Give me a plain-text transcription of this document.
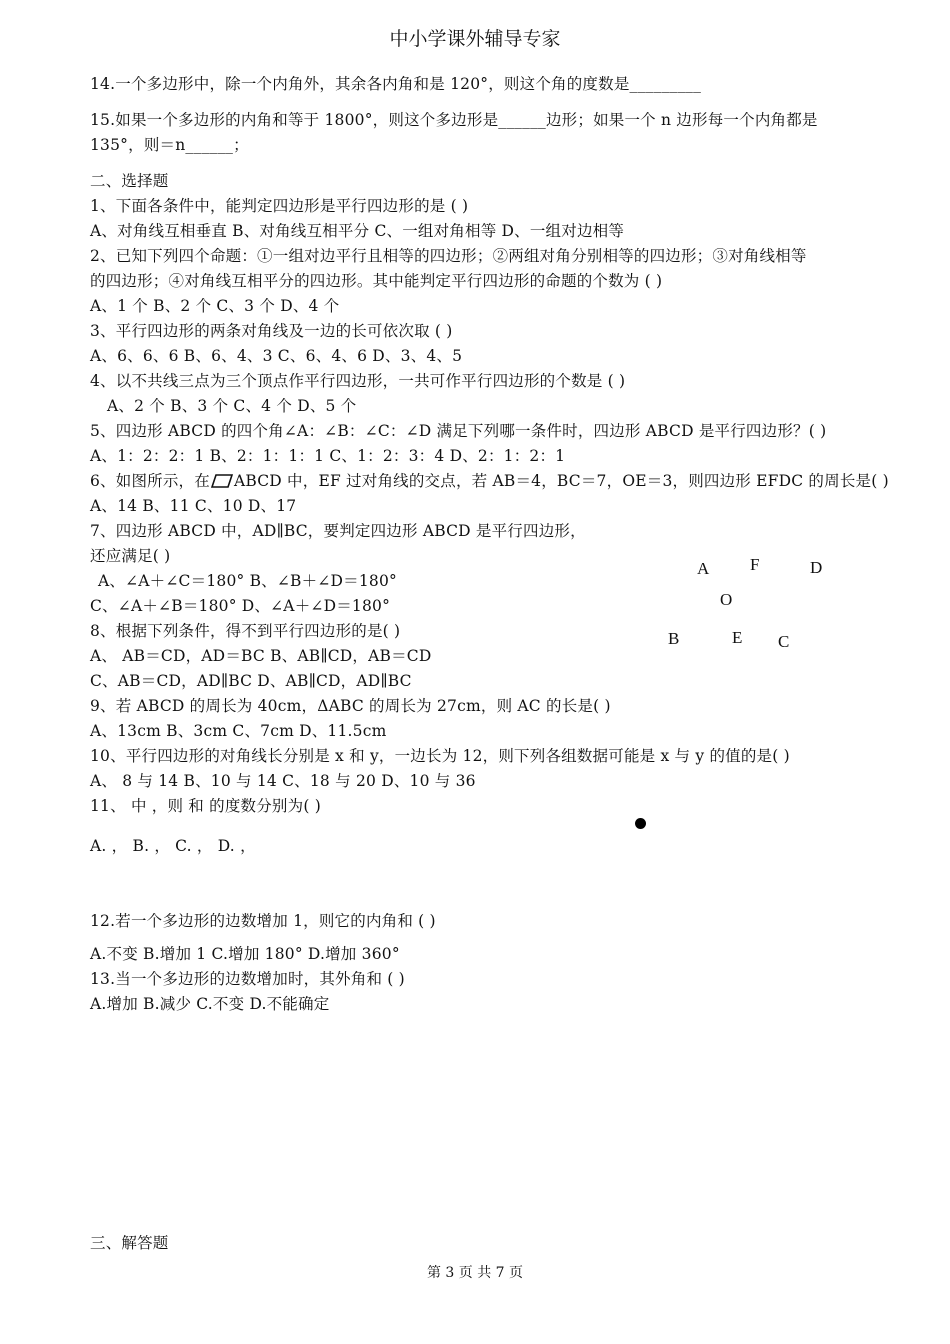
中小学课外辅导专家
14.一个多边形中，除一个内角外，其余各内角和是 120°，则这个角的度数是_________
15.如果一个多边形的内角和等于 1800°，则这个多边形是______边形；如果一个 n 边形每一个内角都是
135°，则＝n______；
二、选择题
1、下面各条件中，能判定四边形是平行四边形的是 ( )
A、对角线互相垂直 B、对角线互相平分 C、一组对角相等 D、一组对边相等
2、已知下列四个命题：①一组对边平行且相等的四边形；②两组对角分别相等的四边形；③对角线相等
的四边形；④对角线互相平分的四边形。其中能判定平行四边形的命题的个数为 ( )
A、1 个 B、2 个 C、3 个 D、4 个
3、平行四边形的两条对角线及一边的长可依次取 ( )
A、6、6、6 B、6、4、3 C、6、4、6 D、3、4、5
4、以不共线三点为三个顶点作平行四边形，一共可作平行四边形的个数是 ( )
A、2 个 B、3 个 C、4 个 D、5 个
5、四边形 ABCD 的四个角∠A：∠B：∠C：∠D 满足下列哪一条件时，四边形 ABCD 是平行四边形？( )
A、1：2：2：1 B、2：1：1：1 C、1：2：3：4 D、2：1：2：1
6、如图所示，在 ABCD 中，EF 过对角线的交点，若 AB＝4，BC＝7，OE＝3，则四边形 EFDC 的周长是( )
A、14 B、11 C、10 D、17
7、四边形 ABCD 中，AD∥BC，要判定四边形 ABCD 是平行四边形，
还应满足( )
A、∠A＋∠C＝180° B、∠B＋∠D＝180°
C、∠A＋∠B＝180° D、∠A＋∠D＝180°
8、根据下列条件，得不到平行四边形的是( )
A、 AB＝CD，AD＝BC B、AB∥CD，AB＝CD
C、AB＝CD，AD∥BC D、AB∥CD，AD∥BC
9、若 ABCD 的周长为 40cm，ΔABC 的周长为 27cm，则 AC 的长是( )
A、13cm B、3cm C、7cm D、11.5cm
10、平行四边形的对角线长分别是 x 和 y，一边长为 12，则下列各组数据可能是 x 与 y 的值的是( )
A、 8 与 14 B、10 与 14 C、18 与 20 D、10 与 36
11、 中 ，则 和 的度数分别为( )
A. ， B. ， C. ， D. ，
12.若一个多边形的边数增加 1，则它的内角和 ( )
A.不变 B.增加 1 C.增加 180° D.增加 360°
13.当一个多边形的边数增加时，其外角和 ( )
A.增加 B.减少 C.不变 D.不能确定
三、解答题
A F	D
O
B	E C
第 3 页 共 7 页
